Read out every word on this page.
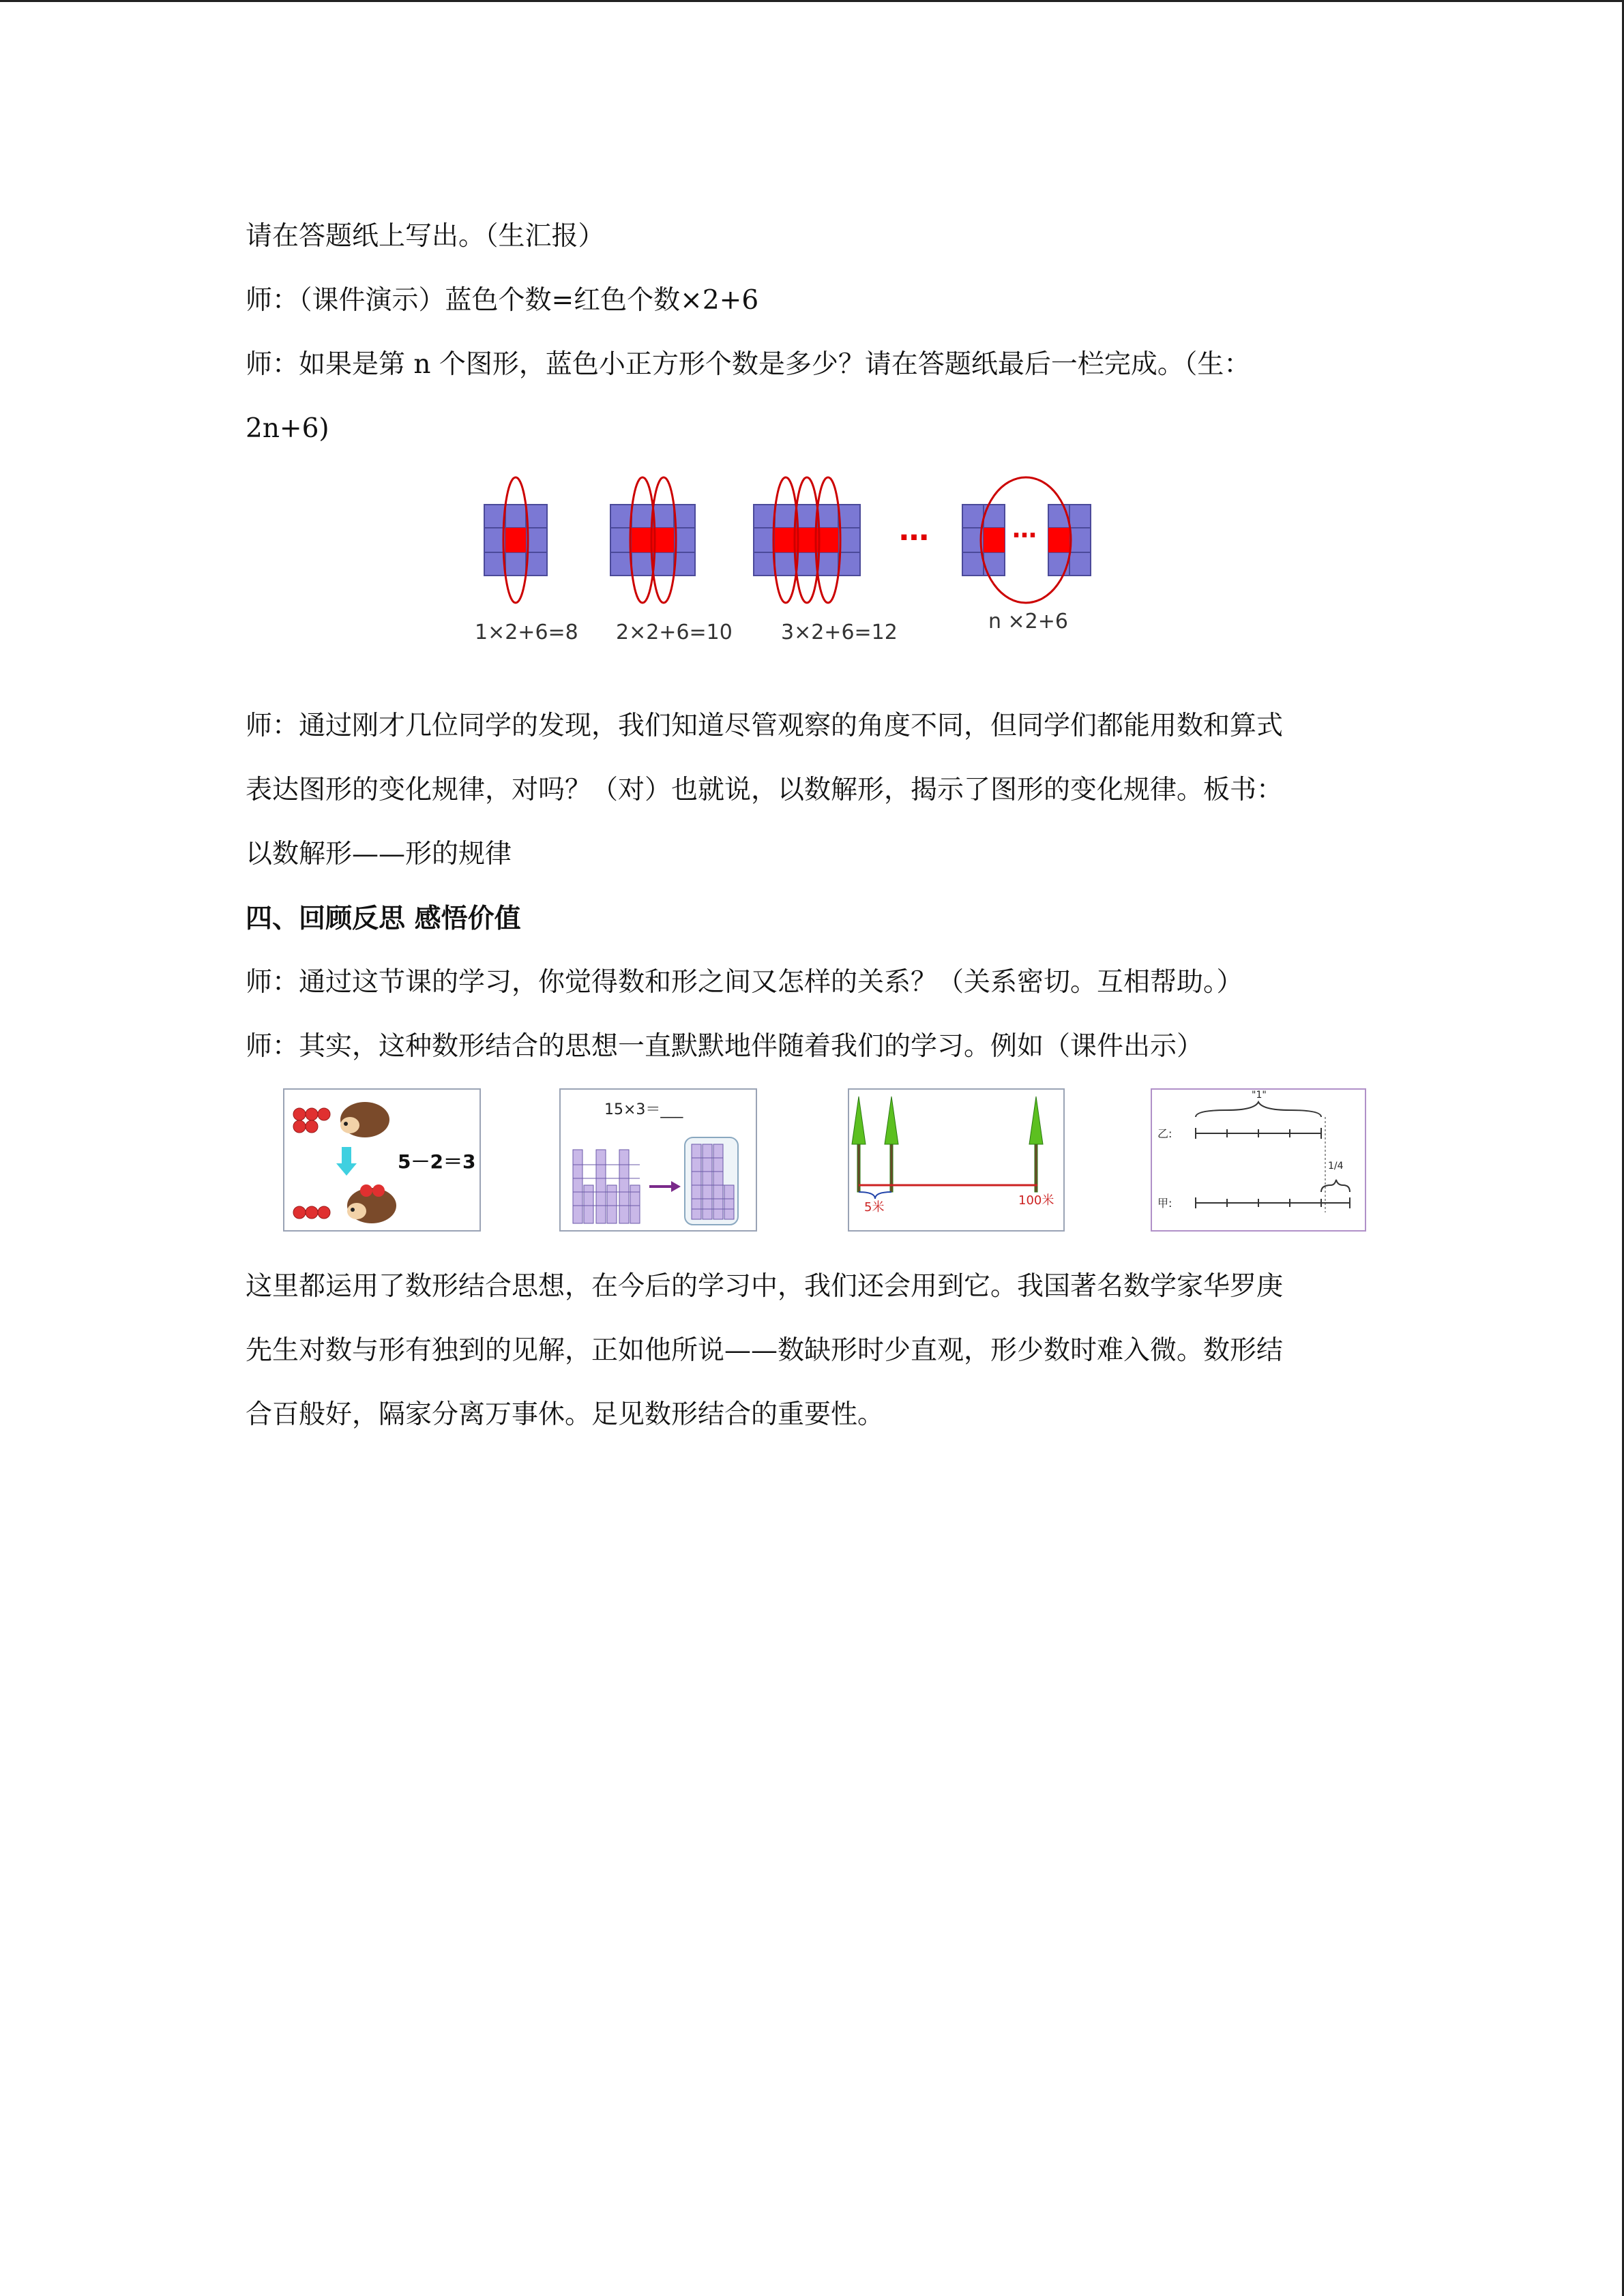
请在答题纸上写出。（生汇报）

师：（课件演示）蓝色个数=红色个数×2+6

师：如果是第 n 个图形，蓝色小正方形个数是多少？请在答题纸最后一栏完成。（生：

2n+6)

…	…
1×2+6=8 2×2+6=10 3×2+6=12	n ×2+6

师：通过刚才几位同学的发现，我们知道尽管观察的角度不同，但同学们都能用数和算式

表达图形的变化规律，对吗？（对）也就说，以数解形，揭示了图形的变化规律。板书：

以数解形——形的规律

四、回顾反思 感悟价值

师：通过这节课的学习，你觉得数和形之间又怎样的关系？（关系密切。互相帮助。）

师：其实，这种数形结合的思想一直默默地伴随着我们的学习。例如（课件出示）

5－2＝3
15×3＝___
5米	100米
乙:
甲:
"1"
1/4

这里都运用了数形结合思想，在今后的学习中，我们还会用到它。我国著名数学家华罗庚

先生对数与形有独到的见解，正如他所说——数缺形时少直观，形少数时难入微。数形结

合百般好，隔家分离万事休。足见数形结合的重要性。
